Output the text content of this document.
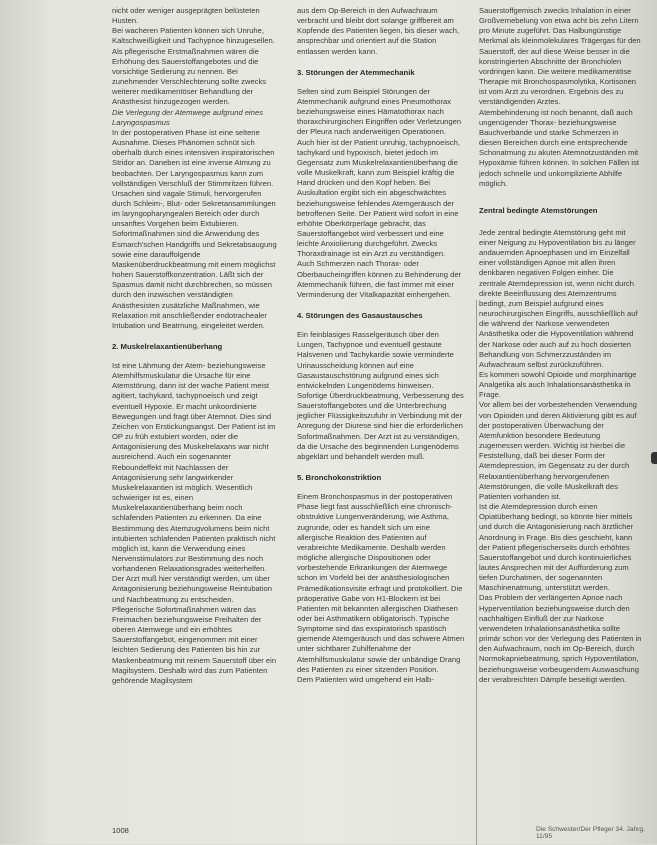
nicht oder weniger ausgeprägten belüsteten Husten.

Bei wacheren Patienten können sich Unruhe, Kaltschweißigkeit und Tachypnoe hinzugesellen.

Als pflegerische Erstmaßnahmen wären die Erhöhung des Sauerstoffangebotes und die vorsichtige Sedierung zu nennen. Bei zunehmender Verschlechterung sollte zwecks weiterer medikamentöser Behandlung der Anästhesist hinzugezogen werden.

Die Verlegung der Atemwege aufgrund eines Laryngospasmus

In der postoperativen Phase ist eine seltene Ausnahme. Dieses Phänomen schnüt sich oberhalb durch eines intensiven inspiratorischen Stridor an. Daneben ist eine inverse Atmung zu beobachten. Der Laryngospasmus kann zum vollständigen Verschluß der Stimmritzen führen. Ursachen sind vagale Stimuli, hervorgerufen durch Schleim-, Blut- oder Sekretansammlungen im laryngopharyngealen Bereich oder durch unsanftes Vorgehen beim Extubieren. Sofortmaßnahmen sind die Anwendung des Esmarch'schen Handgriffs und Sekretabsaugung sowie eine darauffolgende Maskenüberdruckbeatmung mit einem möglichst hohen Sauerstoffkonzentration. Läßt sich der Spasmus damit nicht durchbrechen, so müssen durch den inzwischen verständigten Anästhesisten zusätzliche Maßnahmen, wie Relaxation mit anschließender endotrachealer Intubation und Beatmung, eingeleitet werden.

2. Muskelrelaxantienüberhang

Ist eine Lähmung der Atem- beziehungsweise Atemhilfsmuskulatur die Ursache für eine Atemstörung, dann ist der wache Patient meist agitiert, tachykard, tachypnoeisch und zeigt eventuell Hypoxie. Er macht unkoordinierte Bewegungen und fragt über Atemnot. Dies sind Zeichen von Erstickungsangst. Der Patient ist im OP zu früh extubiert worden, oder die Antagonisierung des Muskelrelaxans war nicht ausreichend. Auch ein sogenannter Reboundeffekt mit Nachlassen der Antagonisierung sehr langwirkender Muskelrelaxantien ist möglich. Wesentlich schwieriger ist es, einen Muskelrelaxantienüberhang beim noch schlafenden Patienten zu erkennen. Da eine Bestimmung des Atemzugvolumens beim nicht intubierten schlafenden Patienten praktisch nicht möglich ist, kann die Verwendung eines Nervenstimulators zur Bestimmung des noch vorhandenen Relaxationsgrades weiterhelfen.

Der Arzt muß hier verständigt werden, um über Antagonisierung beziehungsweise Reintubation und Nachbeatmung zu entscheiden.

Pflegerische Sofortmaßnahmen wären das Freimachen beziehungsweise Freihalten der oberen Atemwege und ein erhöhtes Sauerstoffangebot, eingenommen mit einer leichten Sedierung des Patienten bis hin zur Maskenbeatmung mit reinem Sauerstoff über ein Magilsystem. Deshalb wird das zum Patienten gehörende Magilsystem

aus dem Op-Bereich in den Aufwachraum verbracht und bleibt dort solange griffbereit am Kopfende des Patienten liegen, bis dieser wach, ansprechbar und orientiert auf die Station entlassen werden kann.

3. Störungen der Atemmechanik

Selten sind zum Beispiel Störungen der Atemmechanik aufgrund eines Pneumothorax beziehungsweise eines Hämatothorax nach thoraxchirurgischen Eingriffen oder Verletzungen der Pleura nach anderweitigen Operationen. Auch hier ist der Patient unruhig, tachypnoeisch, tachykard und hypoxisch, bietet jedoch im Gegensatz zum Muskelrelaxantienüberhang die volle Muskelkraft, kann zum Beispiel kräftig die Hand drücken und den Kopf heben. Bei Auskultation ergibt sich ein abgeschwächtes beziehungsweise fehlendes Atemgeräusch der betroffenen Seite. Der Patient wird sofort in eine erhöhte Oberkörperlage gebracht, das Sauerstoffangebot wird verbessert und eine leichte Anxiolierung durchgeführt. Zwecks Thoraxdrainage ist ein Arzt zu verständigen.

Auch Schmerzen nach Thorax- oder Oberbaucheingriffen können zu Behinderung der Atemmechanik führen, die fast immer mit einer Verminderung der Vitalkapazität einhergehen.

4. Störungen des Gasaustausches

Ein feinblasiges Rasselgeräusch über den Lungen, Tachypnoe und eventuell gestaute Halsvenen und Tachykardie sowie verminderte Urinausscheidung können auf eine Gasaustauschstörung aufgrund eines sich entwickelnden Lungenödems hinweisen. Sofortige Überdruckbeatmung, Verbesserung des Sauerstoffangebotes und die Unterbrechung jeglicher Flüssigkeitszufuhr in Verbindung mit der Anregung der Diurese sind hier die erforderlichen Sofortmaßnahmen. Der Arzt ist zu verständigen, da die Ursache des beginnenden Lungenödems abgeklärt und behandelt werden muß.

5. Bronchokonstriktion

Einem Bronchospasmus in der postoperativen Phase liegt fast ausschließlich eine chronisch-obstruktive Lungenveränderung, wie Asthma, zugrunde, oder es handelt sich um eine allergische Reaktion des Patienten auf verabreichte Medikamente. Deshalb werden mögliche allergische Dispositionen oder vorbestehende Erkrankungen der Atemwege schon im Vorfeld bei der anästhesiologischen Prämedikationsvisite erfragt und protokolliert. Die präoperative Gabe von H1-Blockern ist bei Patienten mit bekannten allergischen Diathesen oder bei Asthmatikern obligatorisch. Typische Symptome sind das exspiratorisch spastisch giemende Atemgeräusch und das schwere Atmen unter sichtbarer Zuhilfenahme der Atemhilfsmuskulatur sowie der unbändige Drang des Patienten zu einer sitzenden Position.

Dem Patienten wird umgehend ein Halb-

Sauerstoffgemisch zwecks Inhalation in einer Großvernebelung von etwa acht bis zehn Litern pro Minute zugeführt. Das Halbungünstige Merkmal als kleinmolekulares Trägergas für den Sauerstoff, der auf diese Weise besser in die konstringierten Abschnitte der Bronchiolen vordringen kann. Die weitere medikamentöse Therapie mit Bronchospasmolytika, Kortisonen ist vom Arzt zu verordnen. Ergebnis des zu verständigenden Arztes.

Atembehinderung ist noch benannt, daß auch ungenügender Thorax- beziehungsweise Bauchverbände und starke Schmerzen in diesen Bereichen durch eine entsprechende Schonatmung zu akuten Atemnotzuständen mit Hypoxämie führen können. In solchen Fällen ist jedoch schnelle und unkomplizierte Abhilfe möglich.

Zentral bedingte Atemstörungen

Jede zentral bedingte Atemstörung geht mit einer Neigung zu Hypoventilation bis zu länger andauernden Apnoephasen und im Einzelfall einer vollständigen Apnoe mit allen ihren denkbaren negativen Folgen einher. Die zentrale Atemdepression ist, wenn nicht durch direkte Beeinflussung des Atemzentrums bedingt, zum Beispiel aufgrund eines neurochirurgischen Eingriffs, ausschließlich auf die während der Narkose verwendeten Anästhetika oder die Hypoventilation während der Narkose oder auch auf zu hoch dosierten Behandlung von Schmerzzuständen im Aufwachraum selbst zurückzuführen.

Es kommen sowohl Opioide und morphinartige Analgetika als auch Inhalationsanästhetika in Frage.

Vor allem bei der vorbestehenden Verwendung von Opioiden und deren Aktivierung gibt es auf der postoperativen Überwachung der Atemfunktion besondere Bedeutung zugemessen werden. Wichtig ist hierbei die Feststellung, daß bei dieser Form der Atemdepression, im Gegensatz zu der durch Relaxantienüberhang hervorgerufenen Atemstörungen, die volle Muskelkraft des Patienten vorhanden ist.

Ist die Atemdepression durch einen Opiatüberhang bedingt, so könnte hier mittels und durch die Antagonisierung nach ärztlicher Anordnung in Frage. Bis dies geschieht, kann der Patient pflegerischerseits durch erhöhtes Sauerstoffangebot und durch kontinuierliches lautes Ansprechen mit der Aufforderung zum tiefen Durchatmen, der sogenannten Maschinenatmung, unterstützt werden.

Das Problem der verlängerten Apnoe nach Hyperventilation beziehungsweise durch den nachhaltigen Einfluß der zur Narkose verwendeten Inhalationsanästhetika sollte primär schon vor der Verlegung des Patienten in den Aufwachraum, noch im Op-Bereich, durch Normokapniebeatmung, sprich Hypoventilation, beziehungsweise vorbeugendem Auswaschung der verabreichten Dämpfe beseitigt werden.

1008	Die Schwester/Der Pfleger 34. Jahrg. 11/95
